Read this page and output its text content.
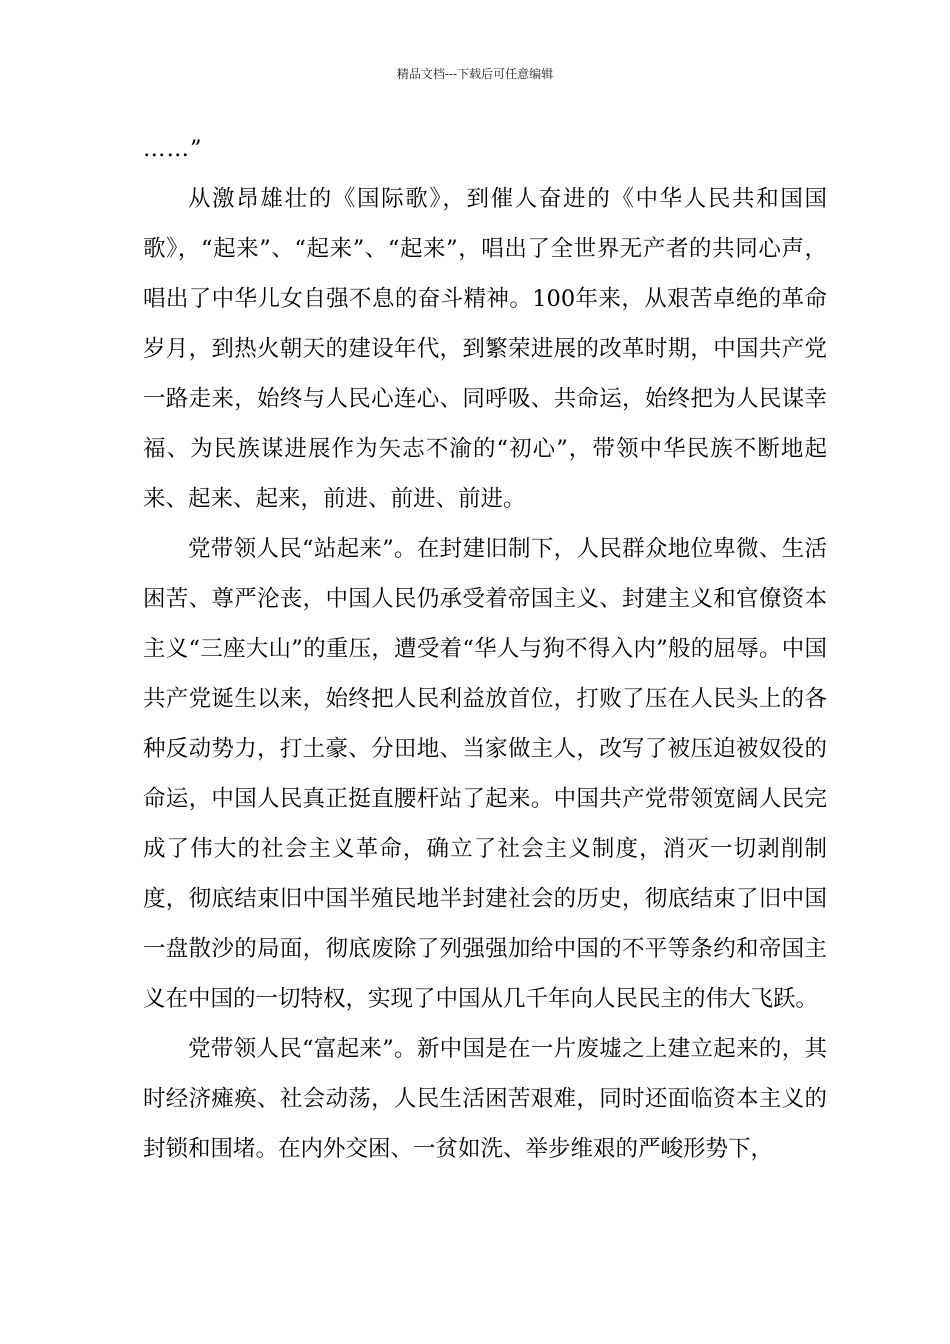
精品文档---下载后可任意编辑

……”

从激昂雄壮的《国际歌》，到催人奋进的《中华人民共和国国歌》，“起来”、“起来”、“起来”，唱出了全世界无产者的共同心声，唱出了中华儿女自强不息的奋斗精神。100年来，从艰苦卓绝的革命岁月，到热火朝天的建设年代，到繁荣进展的改革时期，中国共产党一路走来，始终与人民心连心、同呼吸、共命运，始终把为人民谋幸福、为民族谋进展作为矢志不渝的“初心”，带领中华民族不断地起来、起来、起来，前进、前进、前进。

党带领人民“站起来”。在封建旧制下，人民群众地位卑微、生活困苦、尊严沦丧，中国人民仍承受着帝国主义、封建主义和官僚资本主义“三座大山”的重压，遭受着“华人与狗不得入内”般的屈辱。中国共产党诞生以来，始终把人民利益放首位，打败了压在人民头上的各种反动势力，打土豪、分田地、当家做主人，改写了被压迫被奴役的命运，中国人民真正挺直腰杆站了起来。中国共产党带领宽阔人民完成了伟大的社会主义革命，确立了社会主义制度，消灭一切剥削制度，彻底结束旧中国半殖民地半封建社会的历史，彻底结束了旧中国一盘散沙的局面，彻底废除了列强强加给中国的不平等条约和帝国主义在中国的一切特权，实现了中国从几千年向人民民主的伟大飞跃。

党带领人民“富起来”。新中国是在一片废墟之上建立起来的，其时经济瘫痪、社会动荡，人民生活困苦艰难，同时还面临资本主义的封锁和围堵。在内外交困、一贫如洗、举步维艰的严峻形势下，
